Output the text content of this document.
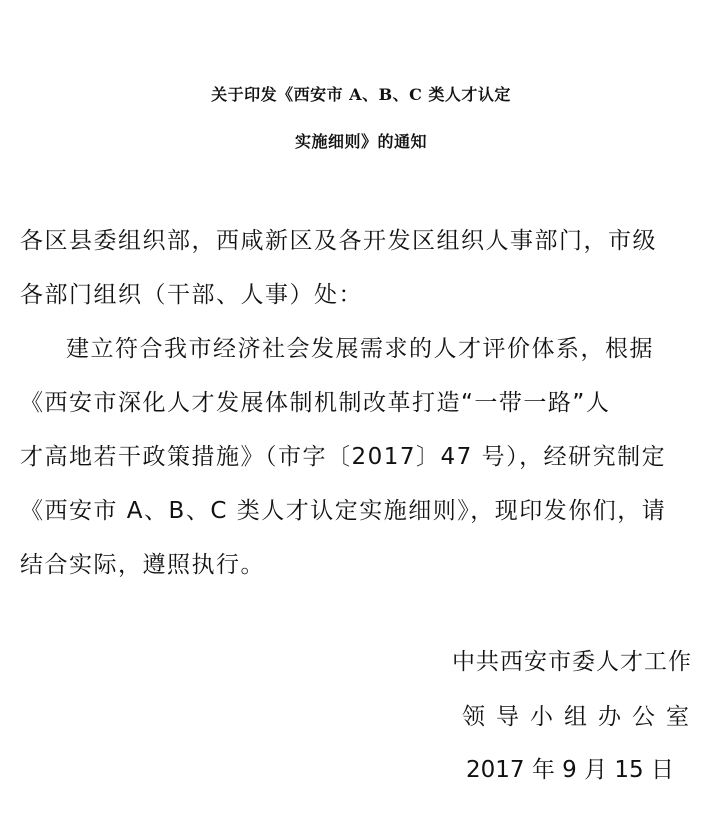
关于印发《西安市 A、B、C 类人才认定
实施细则》的通知
各区县委组织部，西咸新区及各开发区组织人事部门，市级
各部门组织（干部、人事）处：
建立符合我市经济社会发展需求的人才评价体系，根据
《西安市深化人才发展体制机制改革打造“一带一路”人
才高地若干政策措施》（市字〔2017〕47 号），经研究制定
《西安市 A、B、C 类人才认定实施细则》，现印发你们，请
结合实际，遵照执行。
中共西安市委人才工作
领导小组办公室
2017 年 9 月 15 日
